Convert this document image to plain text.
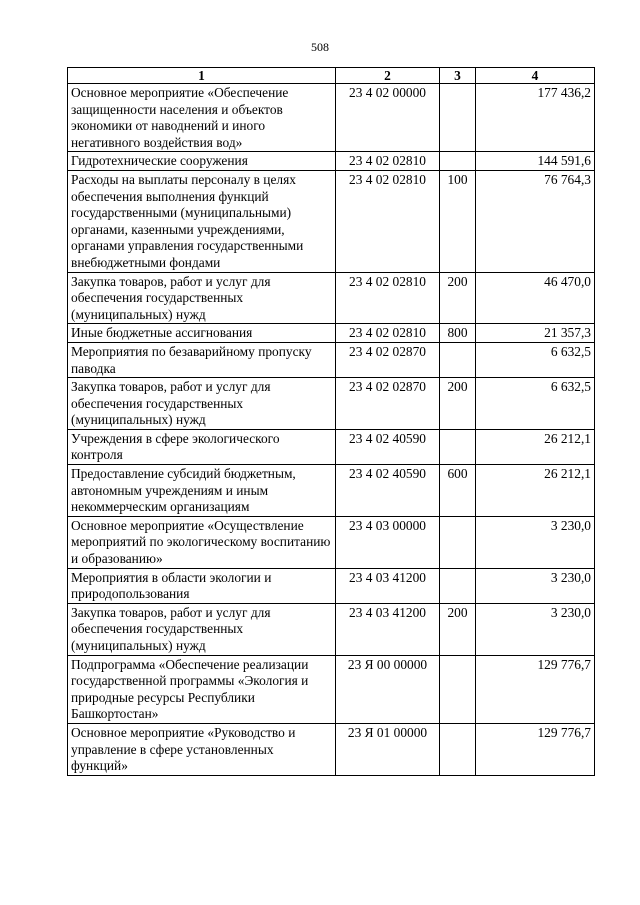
508
1	2	3	4
Основное мероприятие «Обеспечение защищенности населения и объектов экономики от наводнений и иного негативного воздействия вод»	23 4 02 00000		177 436,2
Гидротехнические сооружения	23 4 02 02810		144 591,6
Расходы на выплаты персоналу в целях обеспечения выполнения функций государственными (муниципальными) органами, казенными учреждениями, органами управления государственными внебюджетными фондами	23 4 02 02810	100	76 764,3
Закупка товаров, работ и услуг для обеспечения государственных (муниципальных) нужд	23 4 02 02810	200	46 470,0
Иные бюджетные ассигнования	23 4 02 02810	800	21 357,3
Мероприятия по безаварийному пропуску паводка	23 4 02 02870		6 632,5
Закупка товаров, работ и услуг для обеспечения государственных (муниципальных) нужд	23 4 02 02870	200	6 632,5
Учреждения в сфере экологического контроля	23 4 02 40590		26 212,1
Предоставление субсидий бюджетным, автономным учреждениям и иным некоммерческим организациям	23 4 02 40590	600	26 212,1
Основное мероприятие «Осуществление мероприятий по экологическому воспитанию и образованию»	23 4 03 00000		3 230,0
Мероприятия в области экологии и природопользования	23 4 03 41200		3 230,0
Закупка товаров, работ и услуг для обеспечения государственных (муниципальных) нужд	23 4 03 41200	200	3 230,0
Подпрограмма «Обеспечение реализации государственной программы «Экология и природные ресурсы Республики Башкортостан»	23 Я 00 00000		129 776,7
Основное мероприятие «Руководство и управление в сфере установленных функций»	23 Я 01 00000		129 776,7
